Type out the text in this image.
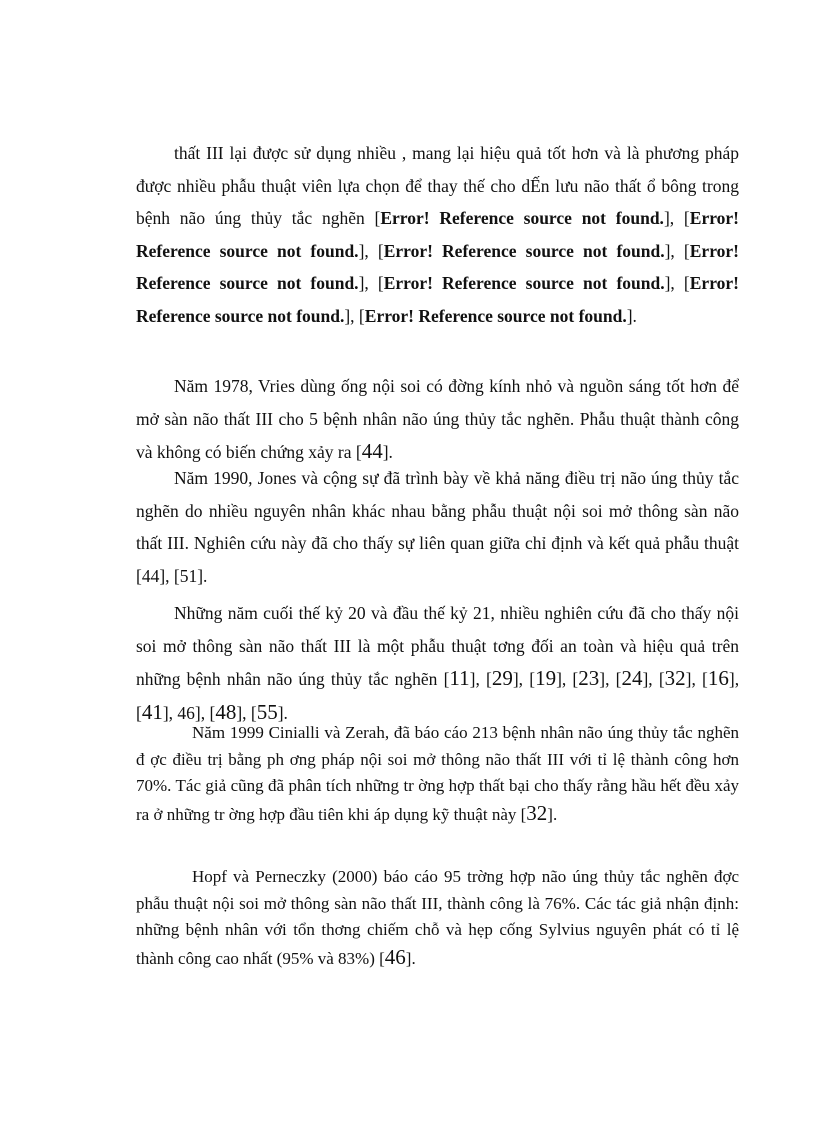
thất III lại được sử dụng nhiều , mang lại hiệu quả tốt hơn và là phương pháp được nhiều phẫu thuật viên lựa chọn để thay thế cho dẾn lưu não thất ổ bông trong bệnh não úng thủy tắc nghẽn [Error! Reference source not found.], [Error! Reference source not found.], [Error! Reference source not found.], [Error! Reference source not found.], [Error! Reference source not found.], [Error! Reference source not found.], [Error! Reference source not found.].

Năm 1978, Vries dùng ống nội soi có đờng kính nhỏ và nguồn sáng tốt hơn để mở sàn não thất III cho 5 bệnh nhân não úng thủy tắc nghẽn. Phẫu thuật thành công và không có biến chứng xảy ra [44].

Năm 1990, Jones và cộng sự đã trình bày về khả năng điều trị não úng thủy tắc nghẽn do nhiều nguyên nhân khác nhau bằng phẫu thuật nội soi mở thông sàn não thất III. Nghiên cứu này đã cho thấy sự liên quan giữa chỉ định và kết quả phẫu thuật [44], [51].

Những năm cuối thế kỷ 20 và đầu thế kỷ 21, nhiều nghiên cứu đã cho thấy nội soi mở thông sàn não thất III là một phẫu thuật tơng đối an toàn và hiệu quả trên những bệnh nhân não úng thủy tắc nghẽn [11], [29], [19], [23], [24], [32], [16], [41], 46], [48], [55].

Năm 1999 Cinialli và Zerah, đã báo cáo 213 bệnh nhân não úng thủy tắc nghẽn đ ợc điều trị bằng ph ơng pháp nội soi mở thông não thất III với tỉ lệ thành công hơn 70%. Tác giả cũng đã phân tích những tr ờng hợp thất bại cho thấy rằng hầu hết đều xảy ra ở những tr ờng hợp đầu tiên khi áp dụng kỹ thuật này [32].

Hopf và Perneczky (2000) báo cáo 95 trờng hợp não úng thủy tắc nghẽn đợc phẫu thuật nội soi mở thông sàn não thất III, thành công là 76%. Các tác giả nhận định: những bệnh nhân với tổn thơng chiếm chỗ và hẹp cống Sylvius nguyên phát có tỉ lệ thành công cao nhất (95% và 83%) [46].
